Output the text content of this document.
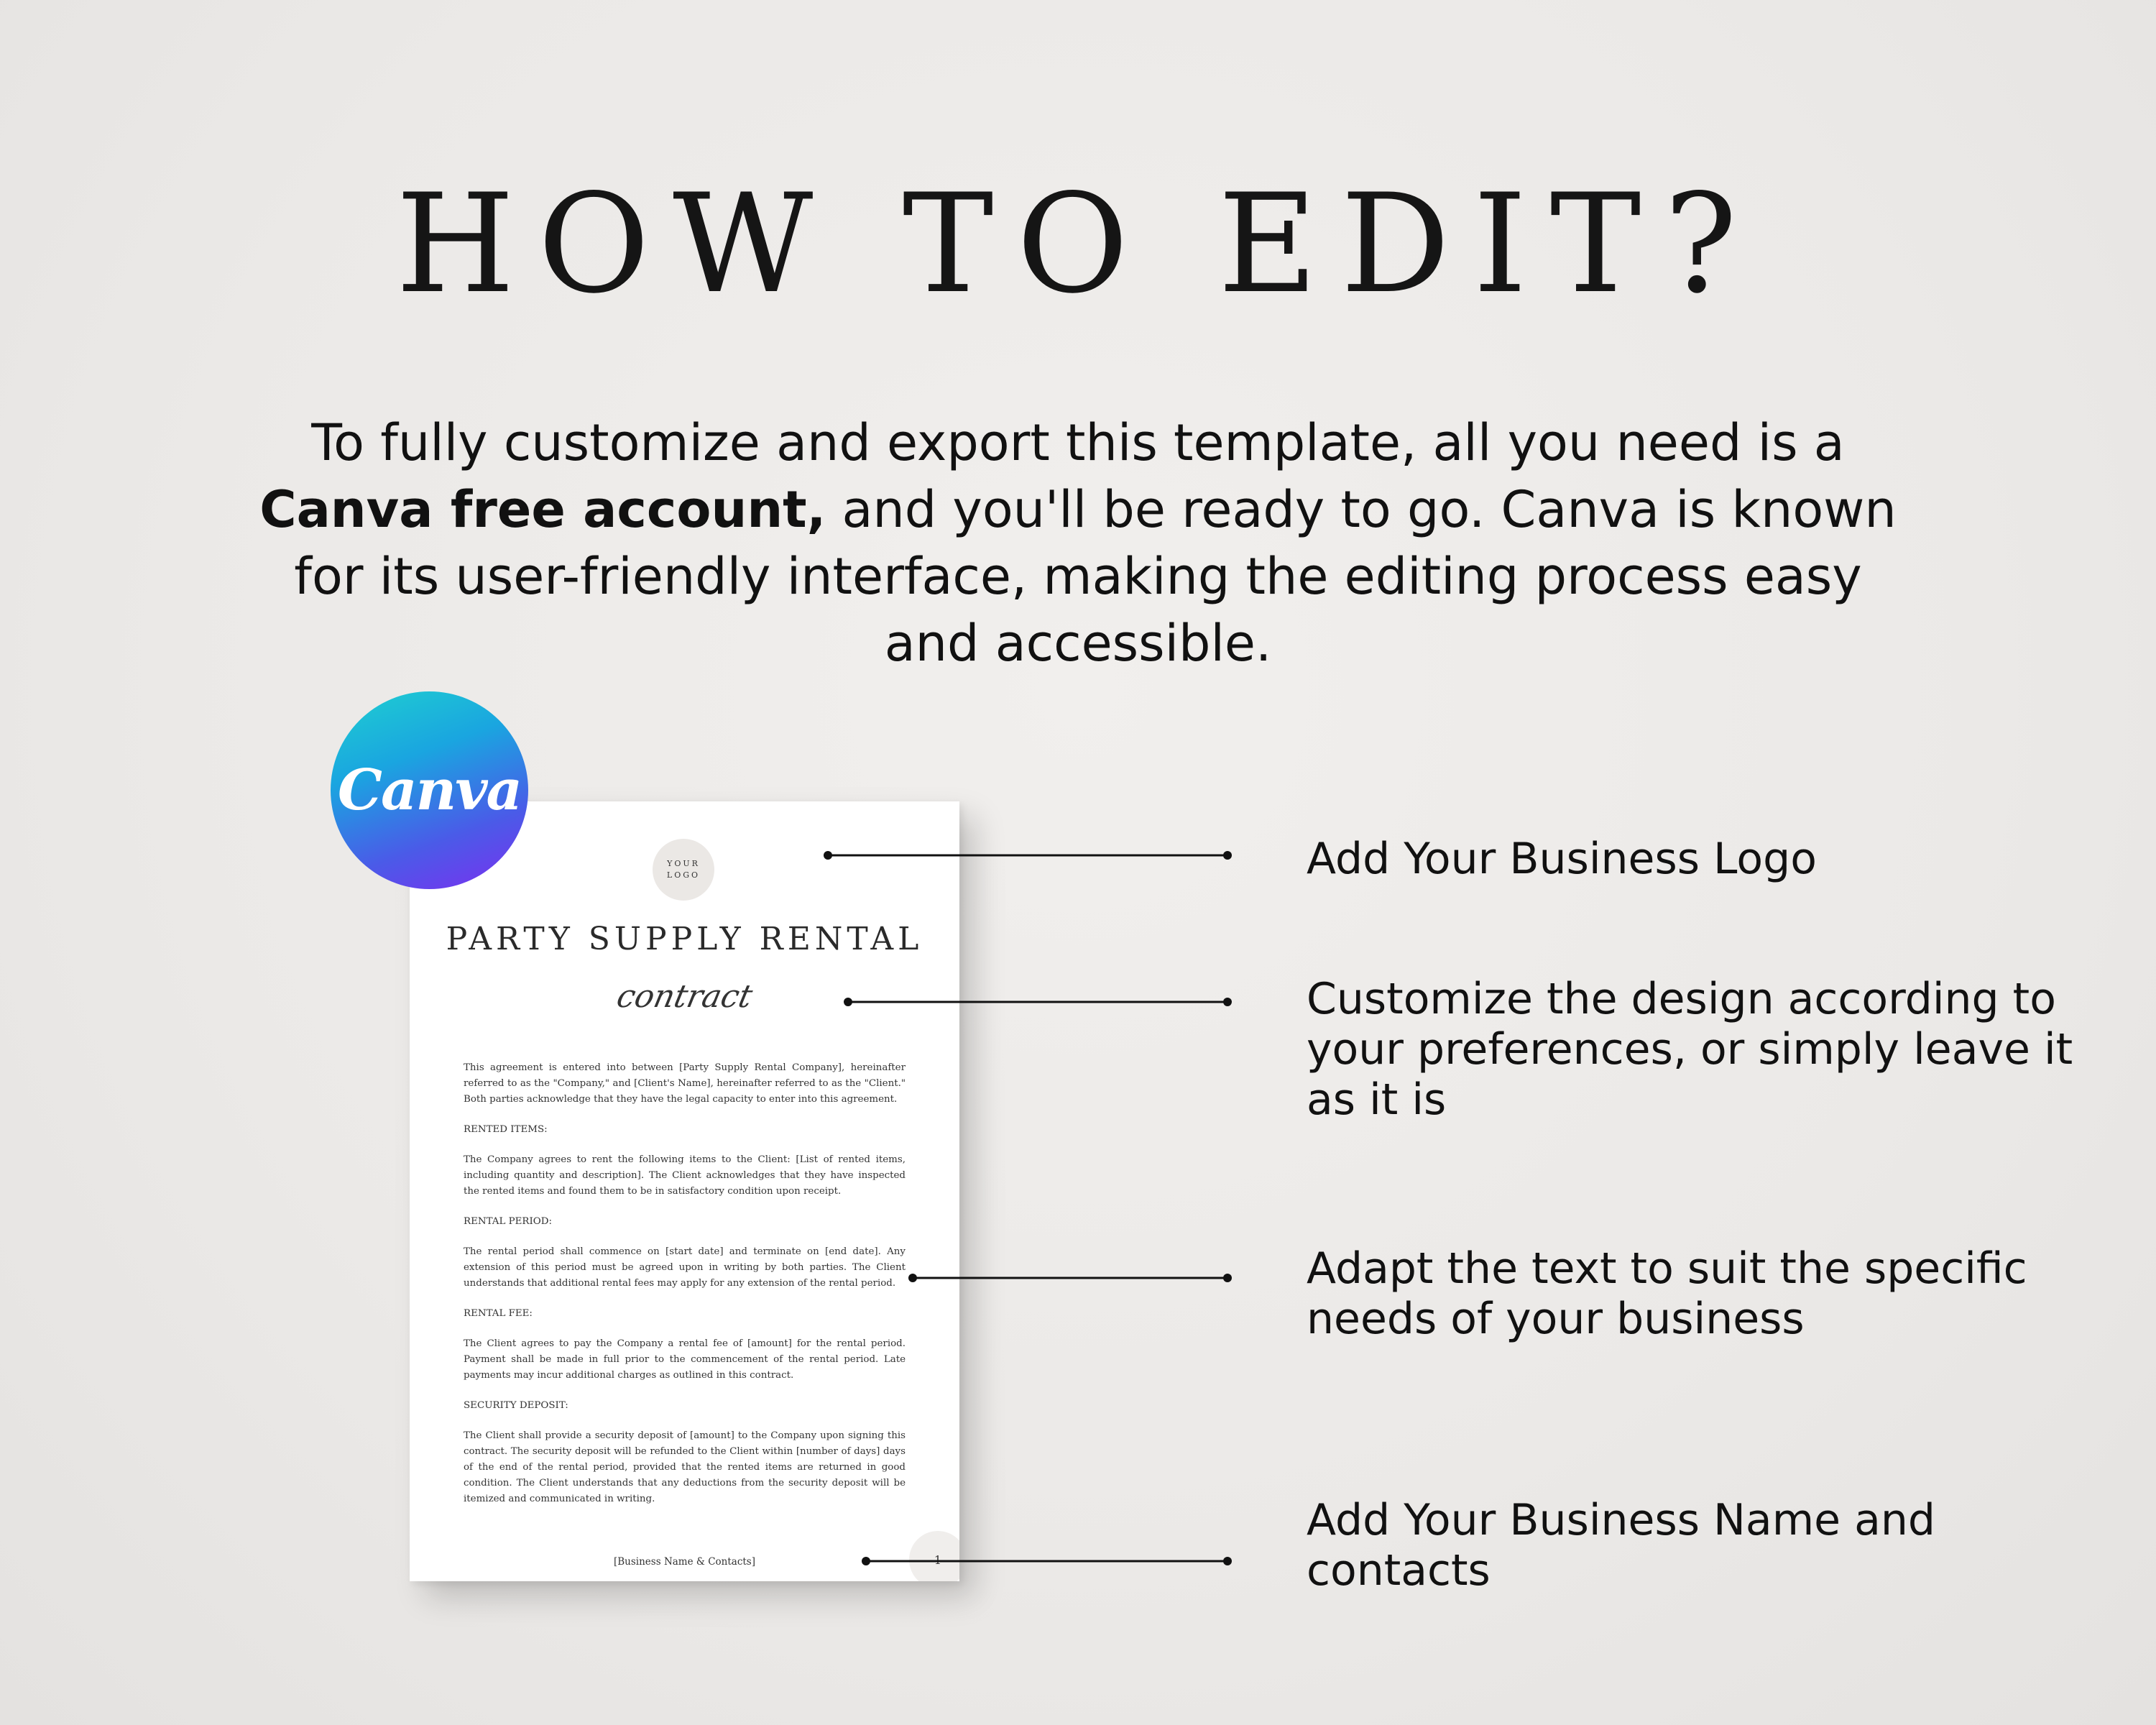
HOW TO EDIT?
To fully customize and export this template, all you need is a
Canva free account, and you'll be ready to go. Canva is known
for its user-friendly interface, making the editing process easy
and accessible.
Canva
YOUR
LOGO
PARTY SUPPLY RENTAL
contract

This agreement is entered into between [Party Supply Rental Company], hereinafter referred to as the "Company," and [Client's Name], hereinafter referred to as the "Client." Both parties acknowledge that they have the legal capacity to enter into this agreement.

RENTED ITEMS:

The Company agrees to rent the following items to the Client: [List of rented items, including quantity and description]. The Client acknowledges that they have inspected the rented items and found them to be in satisfactory condition upon receipt.

RENTAL PERIOD:

The rental period shall commence on [start date] and terminate on [end date]. Any extension of this period must be agreed upon in writing by both parties. The Client understands that additional rental fees may apply for any extension of the rental period.

RENTAL FEE:

The Client agrees to pay the Company a rental fee of [amount] for the rental period. Payment shall be made in full prior to the commencement of the rental period. Late payments may incur additional charges as outlined in this contract.

SECURITY DEPOSIT:

The Client shall provide a security deposit of [amount] to the Company upon signing this contract. The security deposit will be refunded to the Client within [number of days] days of the end of the rental period, provided that the rented items are returned in good condition. The Client understands that any deductions from the security deposit will be itemized and communicated in writing.

1
[Business Name & Contacts]
Add Your Business Logo
Customize the design according to your preferences, or simply leave it as it is
Adapt the text to suit the specific needs of your business
Add Your Business Name and contacts
